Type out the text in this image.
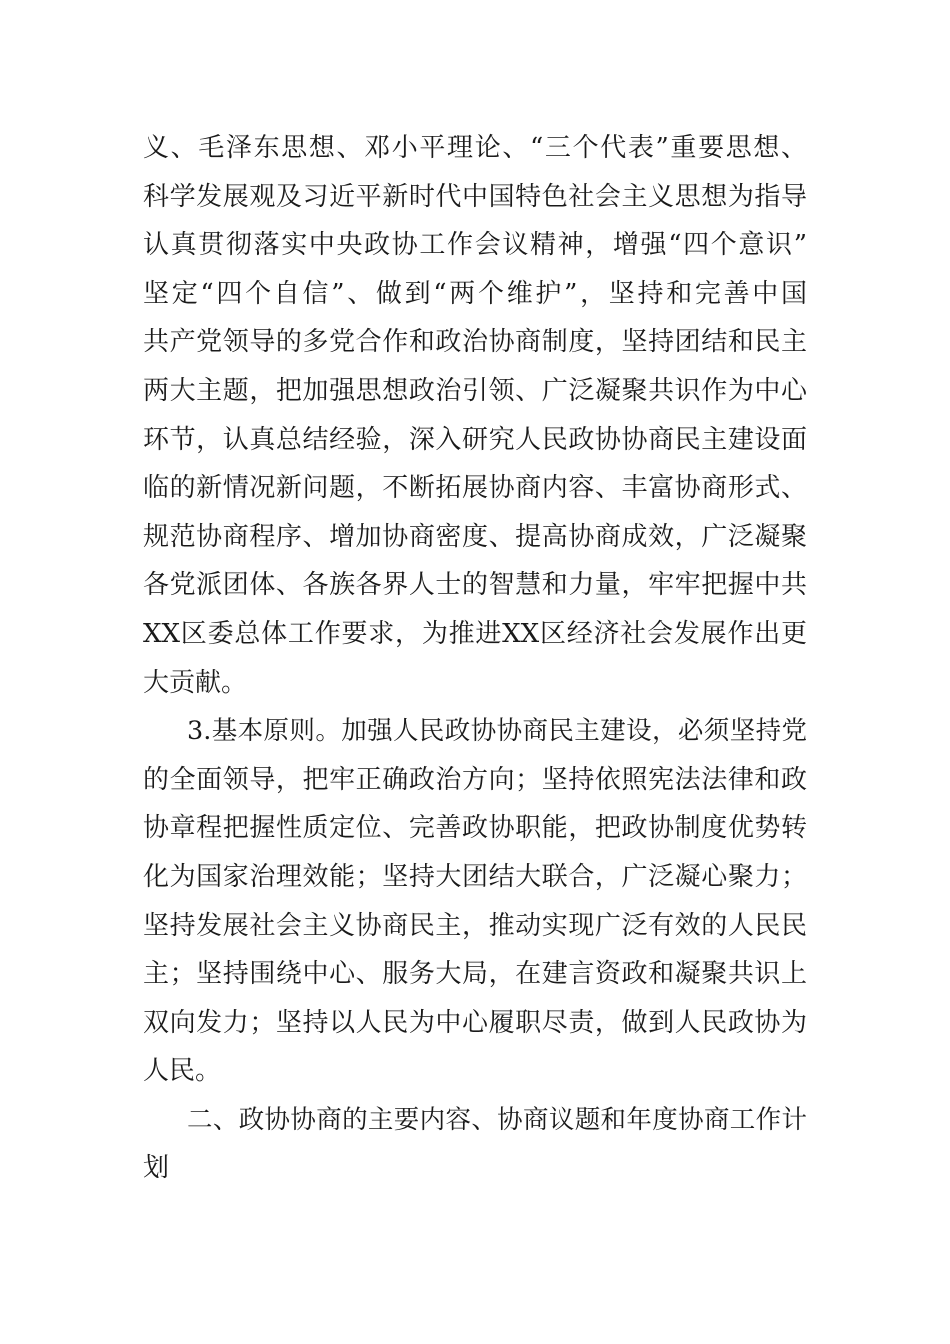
义、毛泽东思想、邓小平理论、“三个代表”重要思想、
科学发展观及习近平新时代中国特色社会主义思想为指导
认真贯彻落实中央政协工作会议精神，增强“四个意识”
坚定“四个自信”、做到“两个维护”，坚持和完善中国
共产党领导的多党合作和政治协商制度，坚持团结和民主
两大主题，把加强思想政治引领、广泛凝聚共识作为中心
环节，认真总结经验，深入研究人民政协协商民主建设面
临的新情况新问题，不断拓展协商内容、丰富协商形式、
规范协商程序、增加协商密度、提高协商成效，广泛凝聚
各党派团体、各族各界人士的智慧和力量，牢牢把握中共
XX区委总体工作要求，为推进XX区经济社会发展作出更
大贡献。
3.基本原则。加强人民政协协商民主建设，必须坚持党
的全面领导，把牢正确政治方向；坚持依照宪法法律和政
协章程把握性质定位、完善政协职能，把政协制度优势转
化为国家治理效能；坚持大团结大联合，广泛凝心聚力；
坚持发展社会主义协商民主，推动实现广泛有效的人民民
主；坚持围绕中心、服务大局，在建言资政和凝聚共识上
双向发力；坚持以人民为中心履职尽责，做到人民政协为
人民。
二、政协协商的主要内容、协商议题和年度协商工作计
划
